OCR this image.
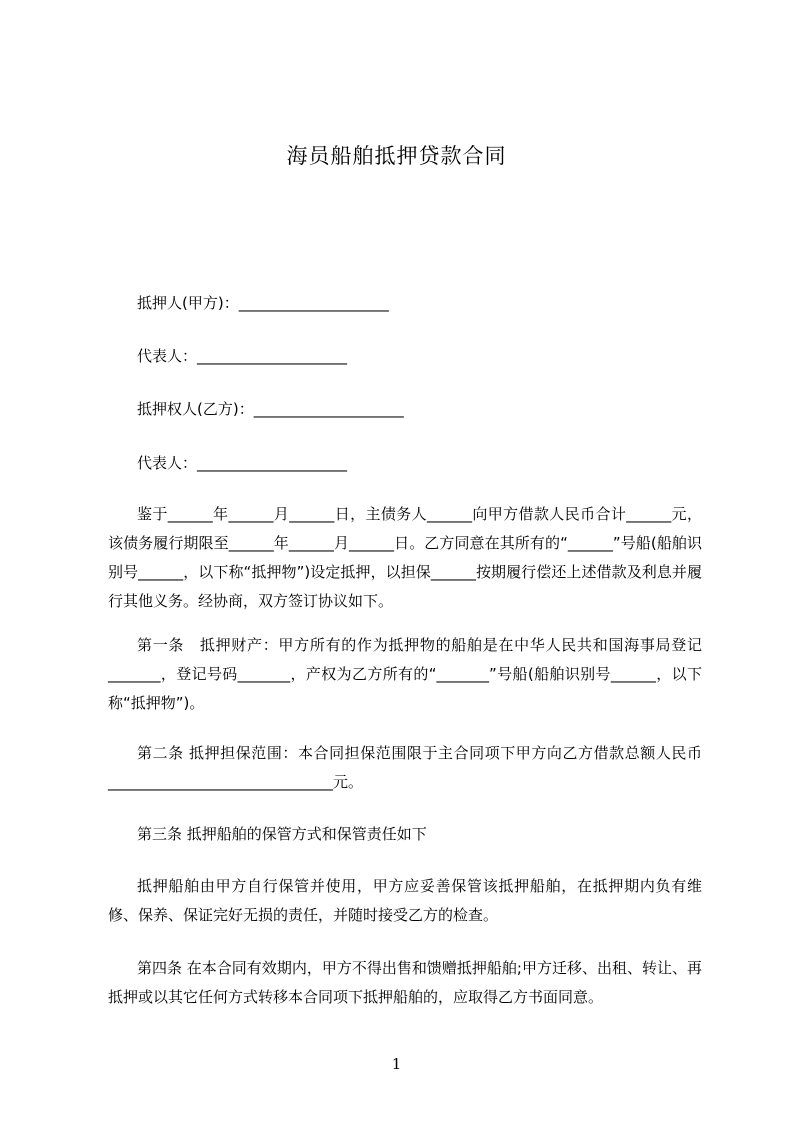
海员船舶抵押贷款合同
抵押人(甲方)：____________________
代表人：____________________
抵押权人(乙方)：____________________
代表人：____________________

鉴于______年______月______日，主债务人______向甲方借款人民币合计______元，该债务履行期限至______年______月______日。乙方同意在其所有的“______”号船(船舶识别号______，以下称“抵押物”)设定抵押，以担保______按期履行偿还上述借款及利息并履行其他义务。经协商，双方签订协议如下。

第一条　抵押财产：甲方所有的作为抵押物的船舶是在中华人民共和国海事局登记_______，登记号码_______，产权为乙方所有的“_______”号船(船舶识别号______，以下称“抵押物”)。

第二条 抵押担保范围：本合同担保范围限于主合同项下甲方向乙方借款总额人民币______________________________元。

第三条 抵押船舶的保管方式和保管责任如下

抵押船舶由甲方自行保管并使用，甲方应妥善保管该抵押船舶，在抵押期内负有维修、保养、保证完好无损的责任，并随时接受乙方的检查。

第四条 在本合同有效期内，甲方不得出售和馈赠抵押船舶;甲方迁移、出租、转让、再抵押或以其它任何方式转移本合同项下抵押船舶的，应取得乙方书面同意。

1
